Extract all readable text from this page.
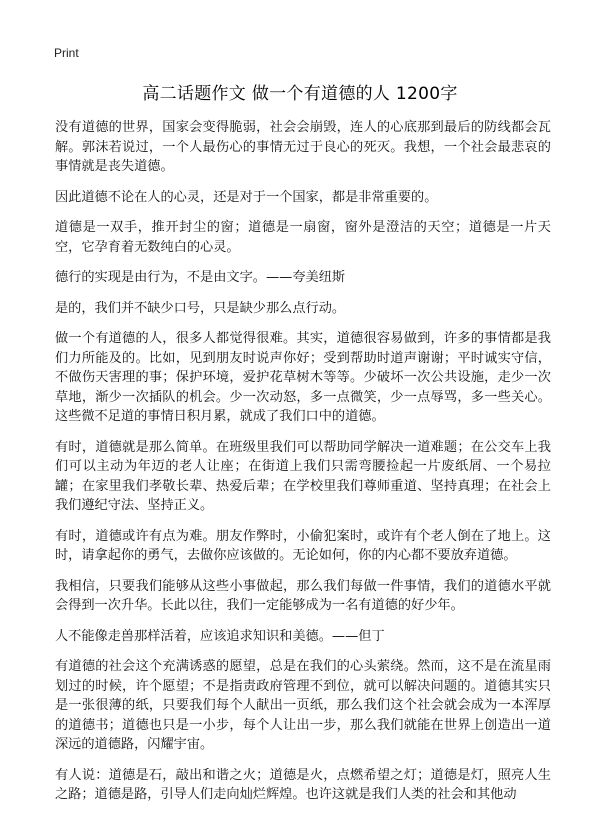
Print
高二话题作文 做一个有道德的人 1200字

没有道德的世界，国家会变得脆弱，社会会崩毁，连人的心底那到最后的防线都会瓦解。郭沫若说过，一个人最伤心的事情无过于良心的死灭。我想，一个社会最悲哀的事情就是丧失道德。

因此道德不论在人的心灵，还是对于一个国家，都是非常重要的。

道德是一双手，推开封尘的窗；道德是一扇窗，窗外是澄洁的天空；道德是一片天空，它孕育着无数纯白的心灵。

德行的实现是由行为，不是由文字。——夸美纽斯

是的，我们并不缺少口号，只是缺少那么点行动。

做一个有道德的人，很多人都觉得很难。其实，道德很容易做到，许多的事情都是我们力所能及的。比如，见到朋友时说声你好；受到帮助时道声谢谢；平时诚实守信，不做伤天害理的事；保护环境，爱护花草树木等等。少破坏一次公共设施，走少一次草地，渐少一次插队的机会。少一次动怒，多一点微笑，少一点辱骂，多一些关心。这些微不足道的事情日积月累，就成了我们口中的道德。

有时，道德就是那么简单。在班级里我们可以帮助同学解决一道难题；在公交车上我们可以主动为年迈的老人让座；在街道上我们只需弯腰捡起一片废纸屑、一个易拉罐；在家里我们孝敬长辈、热爱后辈；在学校里我们尊师重道、坚持真理；在社会上我们遵纪守法、坚持正义。

有时，道德或许有点为难。朋友作弊时，小偷犯案时，或许有个老人倒在了地上。这时，请拿起你的勇气，去做你应该做的。无论如何，你的内心都不要放弃道德。

我相信，只要我们能够从这些小事做起，那么我们每做一件事情，我们的道德水平就会得到一次升华。长此以往，我们一定能够成为一名有道德的好少年。

人不能像走兽那样活着，应该追求知识和美德。——但丁

有道德的社会这个充满诱惑的愿望，总是在我们的心头萦绕。然而，这不是在流星雨划过的时候，许个愿望；不是指责政府管理不到位，就可以解决问题的。道德其实只是一张很薄的纸，只要我们每个人献出一页纸，那么我们这个社会就会成为一本浑厚的道德书；道德也只是一小步，每个人让出一步，那么我们就能在世界上创造出一道深远的道德路，闪耀宇宙。

有人说：道德是石，敲出和谐之火；道德是火，点燃希望之灯；道德是灯，照亮人生之路；道德是路，引导人们走向灿烂辉煌。也许这就是我们人类的社会和其他动
